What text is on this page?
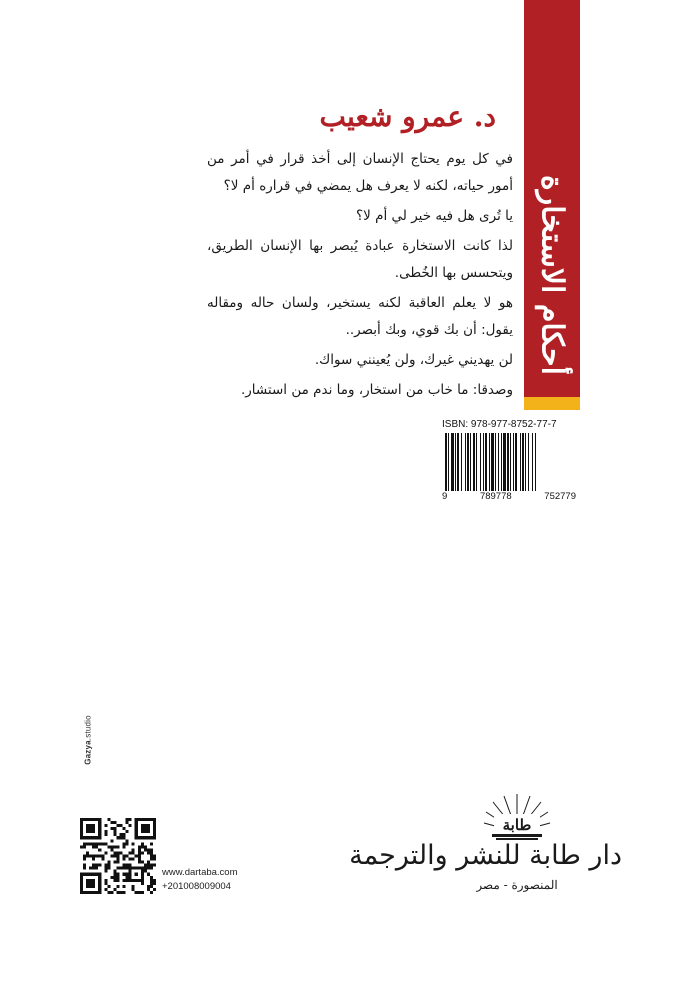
أحكام الاستخارة
د. عمرو شعيب

في كل يوم يحتاج الإنسان إلى أخذ قرار في أمر من أمور حياته، لكنه لا يعرف هل يمضي في قراره أم لا؟

يا تُرى هل فيه خير لي أم لا؟

لذا كانت الاستخارة عبادة يُبصر بها الإنسان الطريق، ويتحسس بها الخُطى.

هو لا يعلم العاقبة لكنه يستخير، ولسان حاله ومقاله يقول: أن بك قوي، وبك أبصر..

لن يهديني غيرك، ولن يُعينني سواك.

وصدقا: ما خاب من استخار، وما ندم من استشار.

ISBN: 978-977-8752-77-7
9	789778	752779
Gazya.studio
www.dartaba.com
+201008009004
طابة
دار طابة للنشر والترجمة
المنصورة - مصر
